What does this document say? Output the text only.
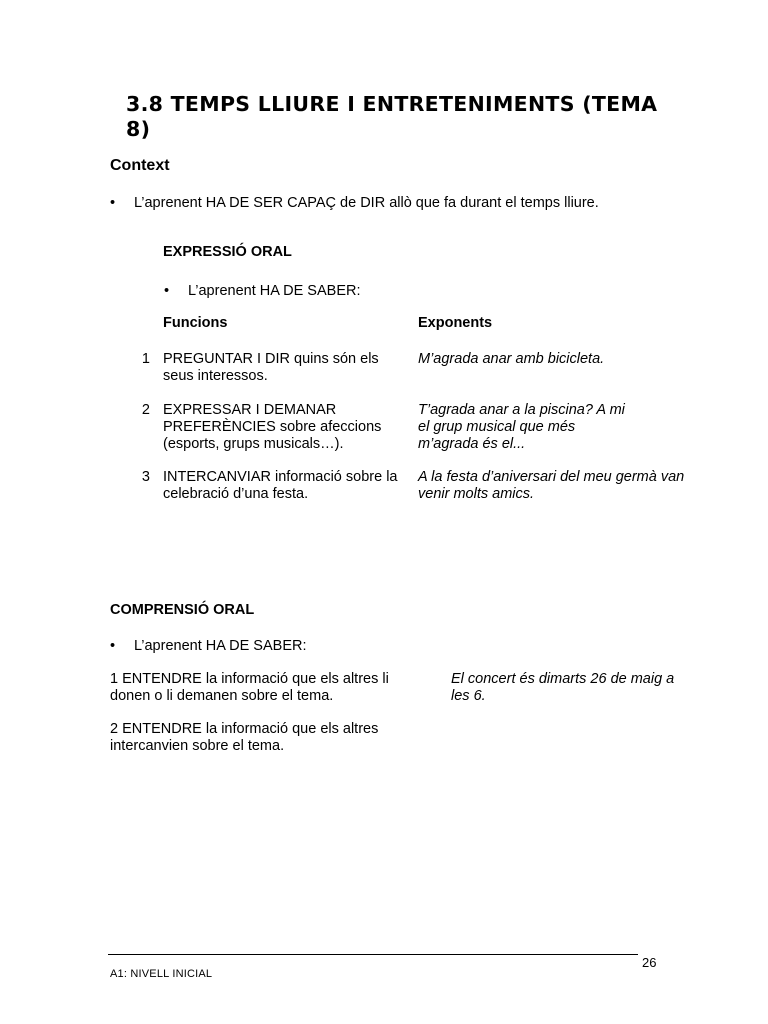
3.8 TEMPS LLIURE I ENTRETENIMENTS (TEMA 8)
Context
• L’aprenent HA DE SER CAPAÇ de DIR allò que fa durant el temps lliure.
EXPRESSIÓ ORAL
• L’aprenent HA DE SABER:
Funcions	Exponents
1 PREGUNTAR I DIR quins són els seus interessos.
M’agrada anar amb bicicleta.
2 EXPRESSAR I DEMANAR PREFERÈNCIES sobre afeccions (esports, grups musicals…).
T’agrada anar a la piscina? A mi el grup musical que més m’agrada és el...
3 INTERCANVIAR informació sobre la celebració d’una festa.
A la festa d’aniversari del meu germà van venir molts amics.
COMPRENSIÓ ORAL
• L’aprenent HA DE SABER:
1 ENTENDRE la informació que els altres li donen o li demanen sobre el tema.
El concert és dimarts 26 de maig a les 6.
2 ENTENDRE la informació que els altres intercanvien sobre el tema.
26
A1: NIVELL INICIAL
